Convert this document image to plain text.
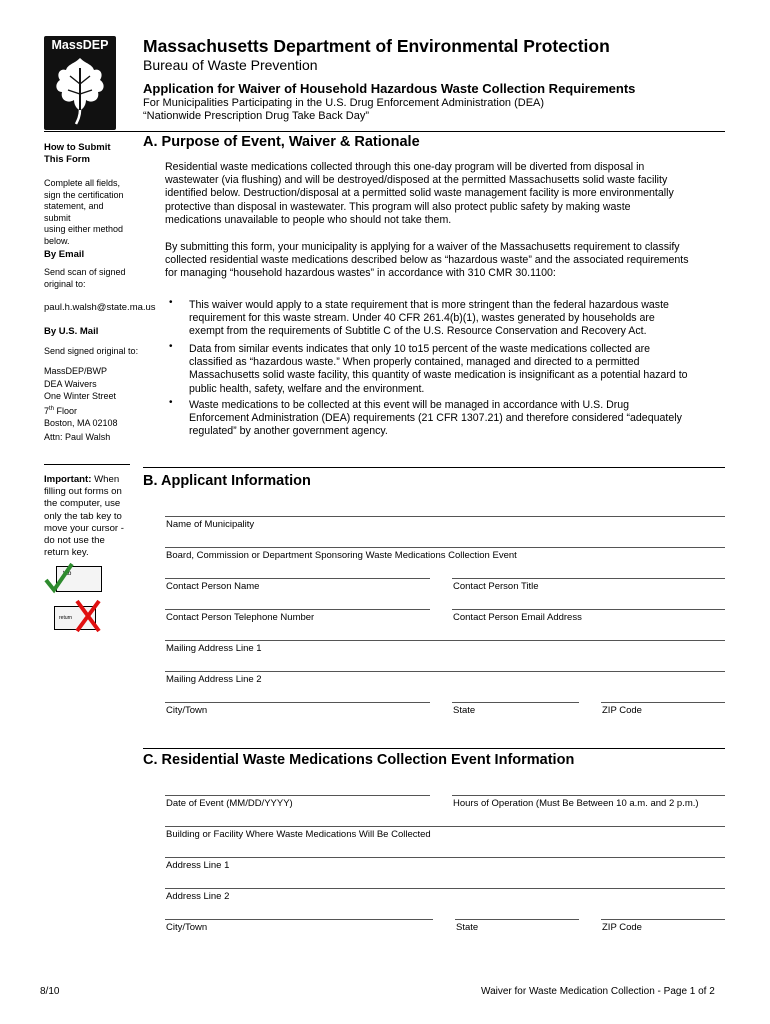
MassDEP	Massachusetts Department of Environmental Protection
Bureau of Waste Prevention
Application for Waiver of Household Hazardous Waste Collection Requirements
For Municipalities Participating in the U.S. Drug Enforcement Administration (DEA)
“Nationwide Prescription Drug Take Back Day”
How to Submit
This Form
Complete all fields,
sign the certification
statement, and submit
using either method
below.
By Email
Send scan of signed
original to:
paul.h.walsh@state.ma.us
By U.S. Mail
Send signed original to:
MassDEP/BWP
DEA Waivers
One Winter Street
7th Floor
Boston, MA 02108
Attn: Paul Walsh
Important: When
filling out forms on
the computer, use
only the tab key to
move your cursor -
do not use the
return key.
tab
return
A. Purpose of Event, Waiver & Rationale
Residential waste medications collected through this one-day program will be diverted from disposal in
wastewater (via flushing) and will be destroyed/disposed at the permitted Massachusetts solid waste facility
identified below. Destruction/disposal at a permitted solid waste management facility is more environmentally
protective than disposal in wastewater. This program will also protect public safety by making waste
medications unavailable to people who should not take them.
By submitting this form, your municipality is applying for a waiver of the Massachusetts requirement to classify
collected residential waste medications described below as “hazardous waste” and the associated requirements
for managing “household hazardous wastes” in accordance with 310 CMR 30.1100:
• This waiver would apply to a state requirement that is more stringent than the federal hazardous waste
requirement for this waste stream. Under 40 CFR 261.4(b)(1), wastes generated by households are
exempt from the requirements of Subtitle C of the U.S. Resource Conservation and Recovery Act.
• Data from similar events indicates that only 10 to15 percent of the waste medications collected are
classified as “hazardous waste.” When properly contained, managed and directed to a permitted
Massachusetts solid waste facility, this quantity of waste medication is insignificant as a potential hazard to
public health, safety, welfare and the environment.
• Waste medications to be collected at this event will be managed in accordance with U.S. Drug
Enforcement Administration (DEA) requirements (21 CFR 1307.21) and therefore considered “adequately
regulated” by another government agency.
B. Applicant Information
Name of Municipality
Board, Commission or Department Sponsoring Waste Medications Collection Event
Contact Person Name	Contact Person Title
Contact Person Telephone Number	Contact Person Email Address
Mailing Address Line 1
Mailing Address Line 2
City/Town	State	ZIP Code
C. Residential Waste Medications Collection Event Information
Date of Event (MM/DD/YYYY)	Hours of Operation (Must Be Between 10 a.m. and 2 p.m.)
Building or Facility Where Waste Medications Will Be Collected
Address Line 1
Address Line 2
City/Town	State	ZIP Code
8/10	Waiver for Waste Medication Collection - Page 1 of 2
